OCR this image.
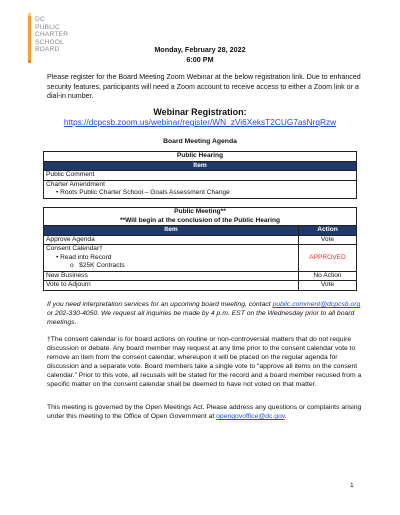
DC
PUBLIC
CHARTER
SCHOOL
BOARD	Monday, February 28, 2022
6:00 PM
Please register for the Board Meeting Zoom Webinar at the below registration link. Due to enhanced security features, participants will need a Zoom account to receive access to either a Zoom link or a dial-in number.
Webinar Registration:
https://dcpcsb.zoom.us/webinar/register/WN_zVi6XeksT2CUG7asNrqRzw
Board Meeting Agenda
Public Hearing
Item
Public Comment

Charter Amendment
• Roots Public Charter School – Goals Assessment Change
Public Meeting**
**Will begin at the conclusion of the Public Hearing	

Item	Action
Approve Agenda	Vote

Consent Calendar†
• Read into Record
o   $25K Contracts	APPROVED
New Business	No Action
Vote to Adjourn	Vote
If you need interpretation services for an upcoming board meeting, contact public.comment@dcpcsb.org or 202-330-4050. We request all inquiries be made by 4 p.m. EST on the Wednesday prior to all board meetings.
†The consent calendar is for board actions on routine or non-controversial matters that do not require discussion or debate. Any board member may request at any time prior to the consent calendar vote to remove an item from the consent calendar, whereupon it will be placed on the regular agenda for discussion and a separate vote. Board members take a single vote to “approve all items on the consent calendar.” Prior to this vote, all recusals will be stated for the record and a board member recused from a specific matter on the consent calendar shall be deemed to have not voted on that matter.
This meeting is governed by the Open Meetings Act. Please address any questions or complaints arising under this meeting to the Office of Open Government at opengovoffice@dc.gov.
1
